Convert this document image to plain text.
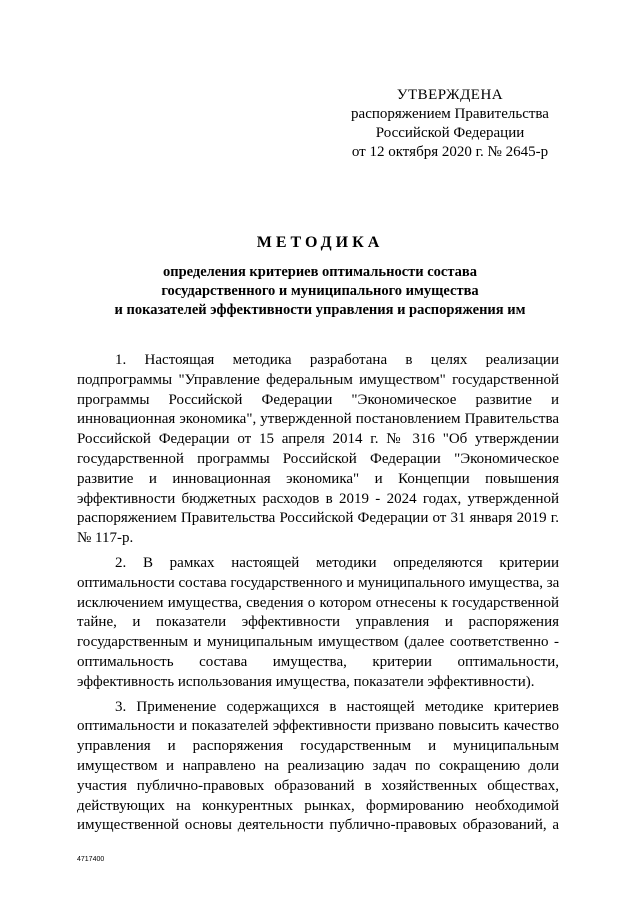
УТВЕРЖДЕНА
распоряжением Правительства
Российской Федерации
от 12 октября 2020 г. № 2645-р
МЕТОДИКА
определения критериев оптимальности состава
государственного и муниципального имущества
и показателей эффективности управления и распоряжения им
1. Настоящая методика разработана в целях реализации
подпрограммы "Управление федеральным имуществом" государственной
программы Российской Федерации "Экономическое развитие и
инновационная экономика", утвержденной постановлением Правительства
Российской Федерации от 15 апреля 2014 г. № 316 "Об утверждении
государственной программы Российской Федерации "Экономическое
развитие и инновационная экономика" и Концепции повышения
эффективности бюджетных расходов в 2019 - 2024 годах, утвержденной
распоряжением Правительства Российской Федерации от 31 января 2019 г.
№ 117-р.
2. В рамках настоящей методики определяются критерии
оптимальности состава государственного и муниципального имущества, за
исключением имущества, сведения о котором отнесены к государственной
тайне, и показатели эффективности управления и распоряжения
государственным и муниципальным имуществом (далее соответственно -
оптимальность состава имущества, критерии оптимальности,
эффективность использования имущества, показатели эффективности).
3. Применение содержащихся в настоящей методике критериев
оптимальности и показателей эффективности призвано повысить качество
управления и распоряжения государственным и муниципальным
имуществом и направлено на реализацию задач по сокращению доли
участия публично-правовых образований в хозяйственных обществах,
действующих на конкурентных рынках, формированию необходимой
имущественной основы деятельности публично-правовых образований, а
4717400
